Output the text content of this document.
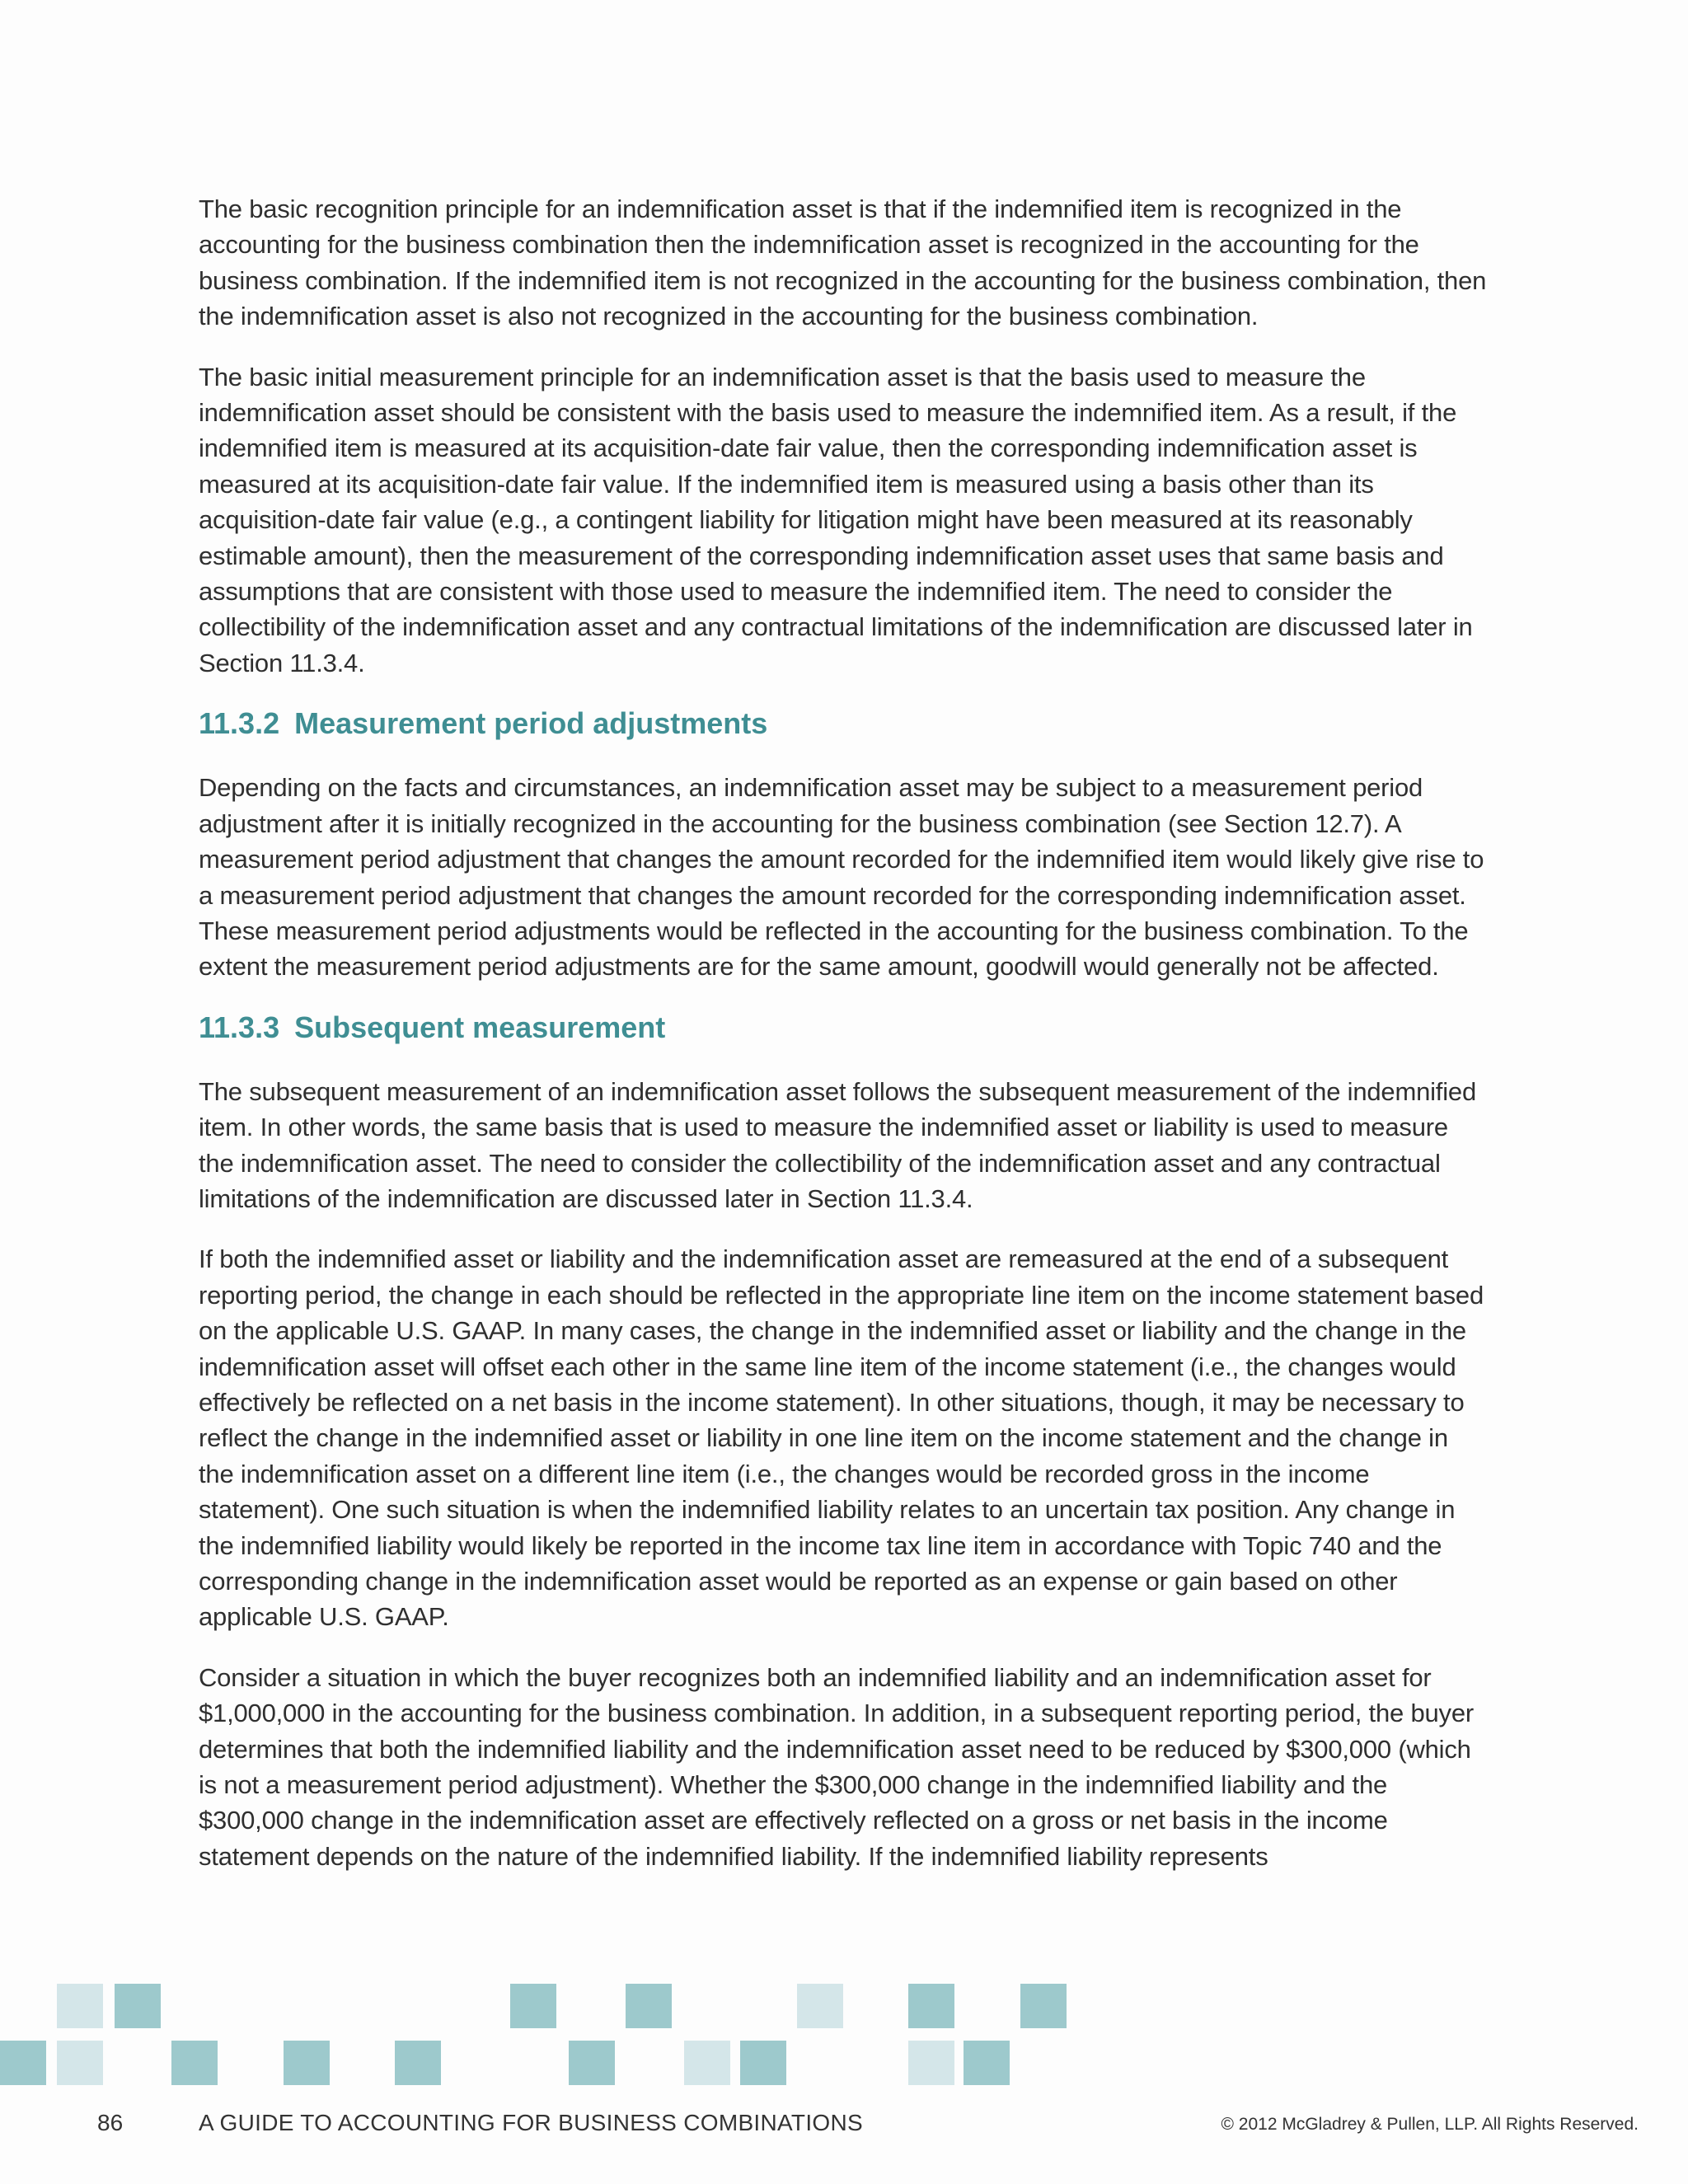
The basic recognition principle for an indemnification asset is that if the indemnified item is recognized in the accounting for the business combination then the indemnification asset is recognized in the accounting for the business combination. If the indemnified item is not recognized in the accounting for the business combination, then the indemnification asset is also not recognized in the accounting for the business combination.

The basic initial measurement principle for an indemnification asset is that the basis used to measure the indemnification asset should be consistent with the basis used to measure the indemnified item. As a result, if the indemnified item is measured at its acquisition-date fair value, then the corresponding indemnification asset is measured at its acquisition-date fair value. If the indemnified item is measured using a basis other than its acquisition-date fair value (e.g., a contingent liability for litigation might have been measured at its reasonably estimable amount), then the measurement of the corresponding indemnification asset uses that same basis and assumptions that are consistent with those used to measure the indemnified item. The need to consider the collectibility of the indemnification asset and any contractual limitations of the indemnification are discussed later in Section 11.3.4.

11.3.2 Measurement period adjustments

Depending on the facts and circumstances, an indemnification asset may be subject to a measurement period adjustment after it is initially recognized in the accounting for the business combination (see Section 12.7). A measurement period adjustment that changes the amount recorded for the indemnified item would likely give rise to a measurement period adjustment that changes the amount recorded for the corresponding indemnification asset. These measurement period adjustments would be reflected in the accounting for the business combination. To the extent the measurement period adjustments are for the same amount, goodwill would generally not be affected.

11.3.3 Subsequent measurement

The subsequent measurement of an indemnification asset follows the subsequent measurement of the indemnified item. In other words, the same basis that is used to measure the indemnified asset or liability is used to measure the indemnification asset. The need to consider the collectibility of the indemnification asset and any contractual limitations of the indemnification are discussed later in Section 11.3.4.

If both the indemnified asset or liability and the indemnification asset are remeasured at the end of a subsequent reporting period, the change in each should be reflected in the appropriate line item on the income statement based on the applicable U.S. GAAP. In many cases, the change in the indemnified asset or liability and the change in the indemnification asset will offset each other in the same line item of the income statement (i.e., the changes would effectively be reflected on a net basis in the income statement). In other situations, though, it may be necessary to reflect the change in the indemnified asset or liability in one line item on the income statement and the change in the indemnification asset on a different line item (i.e., the changes would be recorded gross in the income statement). One such situation is when the indemnified liability relates to an uncertain tax position. Any change in the indemnified liability would likely be reported in the income tax line item in accordance with Topic 740 and the corresponding change in the indemnification asset would be reported as an expense or gain based on other applicable U.S. GAAP.

Consider a situation in which the buyer recognizes both an indemnified liability and an indemnification asset for $1,000,000 in the accounting for the business combination. In addition, in a subsequent reporting period, the buyer determines that both the indemnified liability and the indemnification asset need to be reduced by $300,000 (which is not a measurement period adjustment). Whether the $300,000 change in the indemnified liability and the $300,000 change in the indemnification asset are effectively reflected on a gross or net basis in the income statement depends on the nature of the indemnified liability. If the indemnified liability represents

86	A GUIDE TO ACCOUNTING FOR BUSINESS COMBINATIONS	© 2012 McGladrey & Pullen, LLP. All Rights Reserved.
